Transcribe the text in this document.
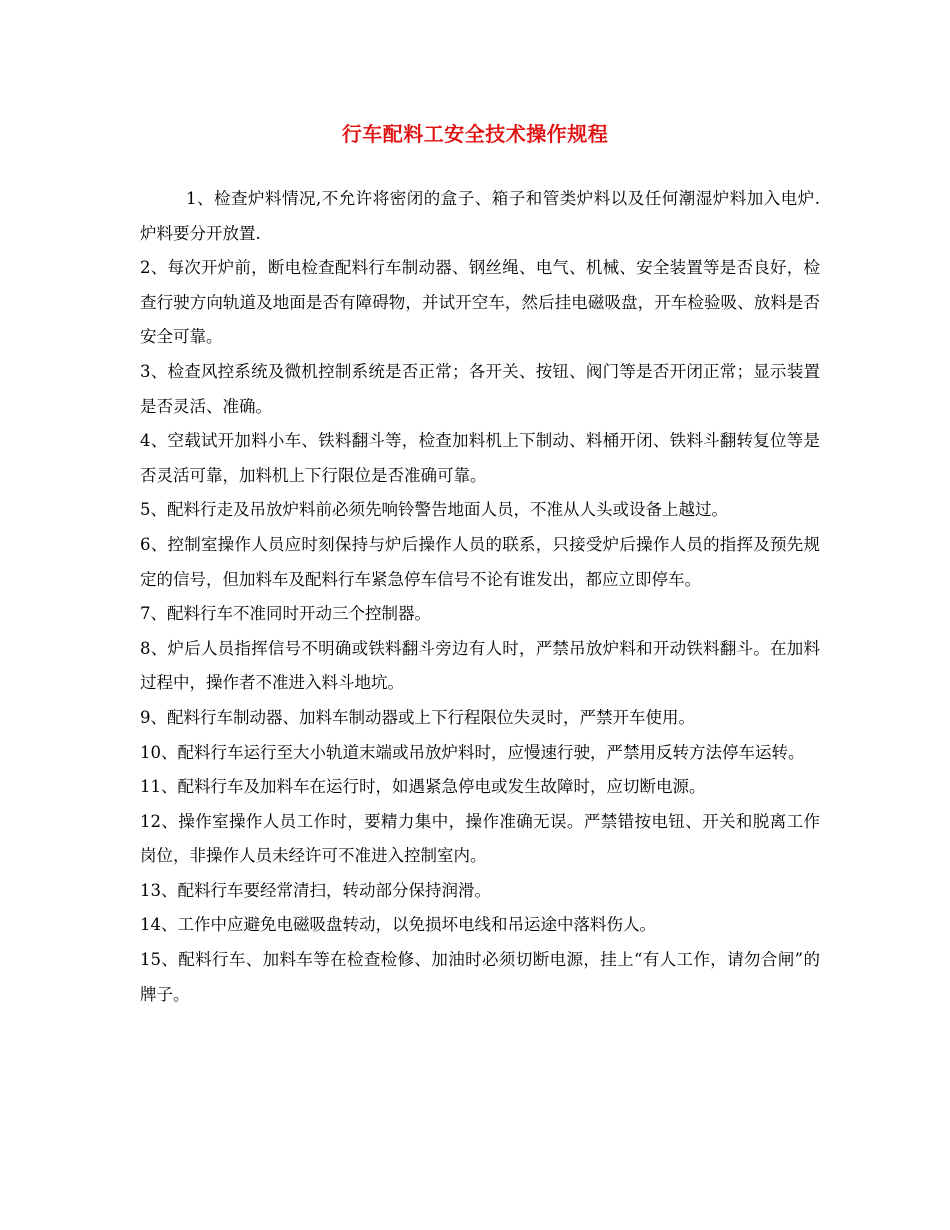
行车配料工安全技术操作规程

1、检查炉料情况,不允许将密闭的盒子、箱子和管类炉料以及任何潮湿炉料加入电炉. 炉料要分开放置.

2、每次开炉前，断电检查配料行车制动器、钢丝绳、电气、机械、安全装置等是否良好，检查行驶方向轨道及地面是否有障碍物，并试开空车，然后挂电磁吸盘，开车检验吸、放料是否安全可靠。

3、检查风控系统及微机控制系统是否正常；各开关、按钮、阀门等是否开闭正常；显示装置是否灵活、准确。

4、空载试开加料小车、铁料翻斗等，检查加料机上下制动、料桶开闭、铁料斗翻转复位等是否灵活可靠，加料机上下行限位是否准确可靠。

5、配料行走及吊放炉料前必须先响铃警告地面人员，不准从人头或设备上越过。

6、控制室操作人员应时刻保持与炉后操作人员的联系，只接受炉后操作人员的指挥及预先规定的信号，但加料车及配料行车紧急停车信号不论有谁发出，都应立即停车。

7、配料行车不准同时开动三个控制器。

8、炉后人员指挥信号不明确或铁料翻斗旁边有人时，严禁吊放炉料和开动铁料翻斗。在加料过程中，操作者不准进入料斗地坑。

9、配料行车制动器、加料车制动器或上下行程限位失灵时，严禁开车使用。

10、配料行车运行至大小轨道末端或吊放炉料时，应慢速行驶，严禁用反转方法停车运转。

11、配料行车及加料车在运行时，如遇紧急停电或发生故障时，应切断电源。

12、操作室操作人员工作时，要精力集中，操作准确无误。严禁错按电钮、开关和脱离工作岗位，非操作人员未经许可不准进入控制室内。

13、配料行车要经常清扫，转动部分保持润滑。

14、工作中应避免电磁吸盘转动，以免损坏电线和吊运途中落料伤人。

15、配料行车、加料车等在检查检修、加油时必须切断电源，挂上“有人工作，请勿合闸”的牌子。
